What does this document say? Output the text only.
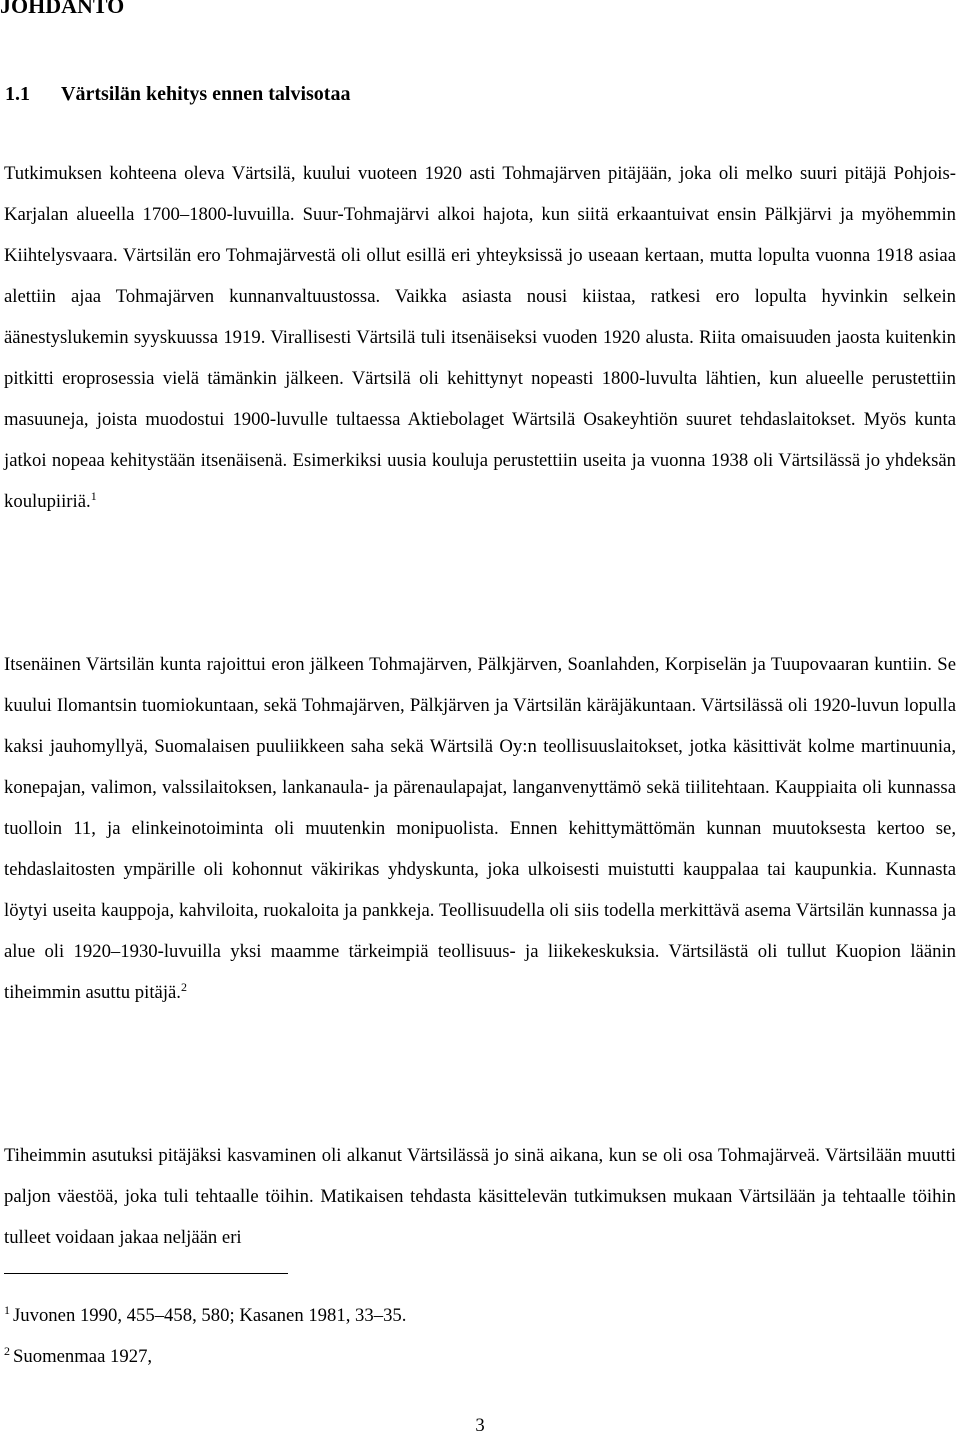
JOHDANTO
1.1 Värtsilän kehitys ennen talvisotaa

Tutkimuksen kohteena oleva Värtsilä, kuului vuoteen 1920 asti Tohmajärven pitäjään, joka oli melko suuri pitäjä Pohjois-Karjalan alueella 1700–1800-luvuilla. Suur-Tohmajärvi alkoi hajota, kun siitä erkaantuivat ensin Pälkjärvi ja myöhemmin Kiihtelysvaara. Värtsilän ero Tohmajärvestä oli ollut esillä eri yhteyksissä jo useaan kertaan, mutta lopulta vuonna 1918 asiaa alettiin ajaa Tohmajärven kunnanvaltuustossa. Vaikka asiasta nousi kiistaa, ratkesi ero lopulta hyvinkin selkein äänestyslukemin syyskuussa 1919. Virallisesti Värtsilä tuli itsenäiseksi vuoden 1920 alusta. Riita omaisuuden jaosta kuitenkin pitkitti eroprosessia vielä tämänkin jälkeen. Värtsilä oli kehittynyt nopeasti 1800-luvulta lähtien, kun alueelle perustettiin masuuneja, joista muodostui 1900-luvulle tultaessa Aktiebolaget Wärtsilä Osakeyhtiön suuret tehdaslaitokset. Myös kunta jatkoi nopeaa kehitystään itsenäisenä. Esimerkiksi uusia kouluja perustettiin useita ja vuonna 1938 oli Värtsilässä jo yhdeksän koulupiiriä.$^1$

Itsenäinen Värtsilän kunta rajoittui eron jälkeen Tohmajärven, Pälkjärven, Soanlahden, Korpiselän ja Tuupovaaran kuntiin. Se kuului Ilomantsin tuomiokuntaan, sekä Tohmajärven, Pälkjärven ja Värtsilän käräjäkuntaan. Värtsilässä oli 1920-luvun lopulla kaksi jauhomyllyä, Suomalaisen puuliikkeen saha sekä Wärtsilä Oy:n teollisuuslaitokset, jotka käsittivät kolme martinuunia, konepajan, valimon, valssilaitoksen, lankanaula- ja pärenaulapajat, langanvenyttämö sekä tiilitehtaan. Kauppiaita oli kunnassa tuolloin 11, ja elinkeinotoiminta oli muutenkin monipuolista. Ennen kehittymättömän kunnan muutoksesta kertoo se, tehdaslaitosten ympärille oli kohonnut väkirikas yhdyskunta, joka ulkoisesti muistutti kauppalaa tai kaupunkia. Kunnasta löytyi useita kauppoja, kahviloita, ruokaloita ja pankkeja. Teollisuudella oli siis todella merkittävä asema Värtsilän kunnassa ja alue oli 1920–1930-luvuilla yksi maamme tärkeimpiä teollisuus- ja liikekeskuksia. Värtsilästä oli tullut Kuopion läänin tiheimmin asuttu pitäjä.$^2$

Tiheimmin asutuksi pitäjäksi kasvaminen oli alkanut Värtsilässä jo sinä aikana, kun se oli osa Tohmajärveä. Värtsilään muutti paljon väestöä, joka tuli tehtaalle töihin. Matikaisen tehdasta käsittelevän tutkimuksen mukaan Värtsilään ja tehtaalle töihin tulleet voidaan jakaa neljään eri

$^1$ Juvonen 1990, 455–458, 580; Kasanen 1981, 33–35.

$^2$ Suomenmaa 1927,

3
